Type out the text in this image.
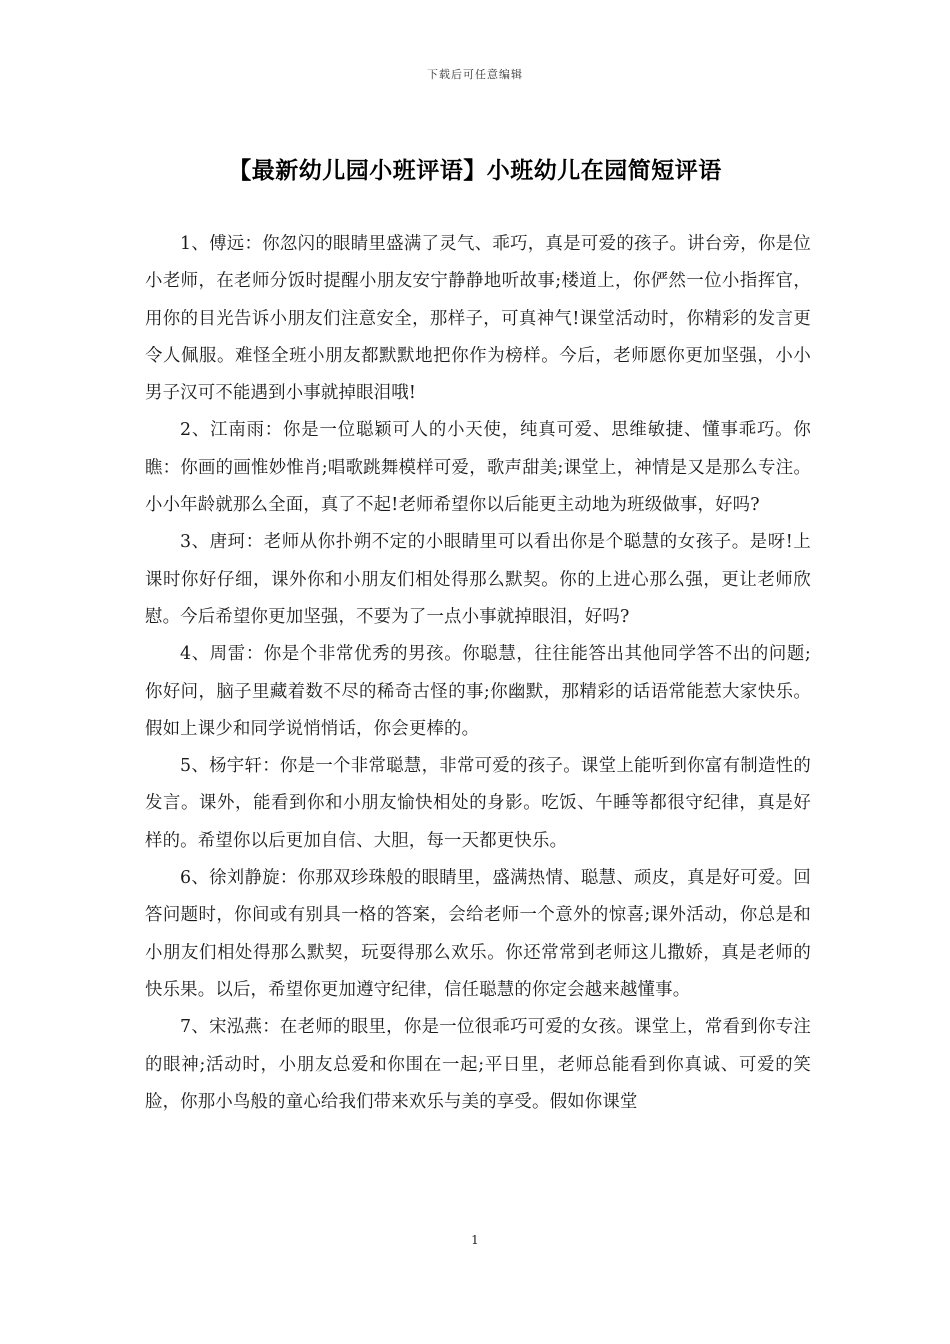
下载后可任意编辑
【最新幼儿园小班评语】小班幼儿在园简短评语

1、傅远：你忽闪的眼睛里盛满了灵气、乖巧，真是可爱的孩子。讲台旁，你是位小老师，在老师分饭时提醒小朋友安宁静静地听故事;楼道上，你俨然一位小指挥官，用你的目光告诉小朋友们注意安全，那样子，可真神气!课堂活动时，你精彩的发言更令人佩服。难怪全班小朋友都默默地把你作为榜样。今后，老师愿你更加坚强，小小男子汉可不能遇到小事就掉眼泪哦!

2、江南雨：你是一位聪颖可人的小天使，纯真可爱、思维敏捷、懂事乖巧。你瞧：你画的画惟妙惟肖;唱歌跳舞模样可爱，歌声甜美;课堂上，神情是又是那么专注。小小年龄就那么全面，真了不起!老师希望你以后能更主动地为班级做事，好吗?

3、唐珂：老师从你扑朔不定的小眼睛里可以看出你是个聪慧的女孩子。是呀!上课时你好仔细，课外你和小朋友们相处得那么默契。你的上进心那么强，更让老师欣慰。今后希望你更加坚强，不要为了一点小事就掉眼泪，好吗?

4、周雷：你是个非常优秀的男孩。你聪慧，往往能答出其他同学答不出的问题;你好问，脑子里藏着数不尽的稀奇古怪的事;你幽默，那精彩的话语常能惹大家快乐。假如上课少和同学说悄悄话，你会更棒的。

5、杨宇轩：你是一个非常聪慧，非常可爱的孩子。课堂上能听到你富有制造性的发言。课外，能看到你和小朋友愉快相处的身影。吃饭、午睡等都很守纪律，真是好样的。希望你以后更加自信、大胆，每一天都更快乐。

6、徐刘静旋：你那双珍珠般的眼睛里，盛满热情、聪慧、顽皮，真是好可爱。回答问题时，你间或有别具一格的答案，会给老师一个意外的惊喜;课外活动，你总是和小朋友们相处得那么默契，玩耍得那么欢乐。你还常常到老师这儿撒娇，真是老师的快乐果。以后，希望你更加遵守纪律，信任聪慧的你定会越来越懂事。

7、宋泓燕：在老师的眼里，你是一位很乖巧可爱的女孩。课堂上，常看到你专注的眼神;活动时，小朋友总爱和你围在一起;平日里，老师总能看到你真诚、可爱的笑脸，你那小鸟般的童心给我们带来欢乐与美的享受。假如你课堂

1
